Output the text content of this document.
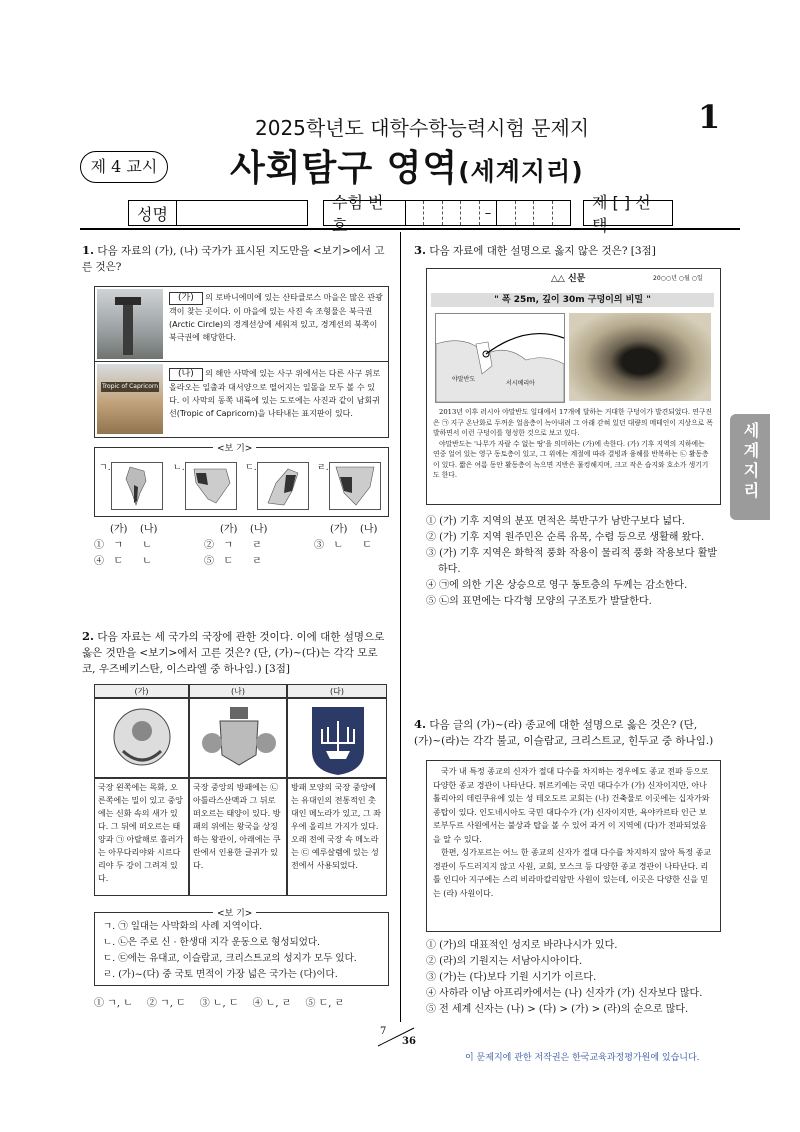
2025학년도 대학수학능력시험 문제지	1
제 4 교시 사회탐구 영역(세계지리)
성명
수험 번호
–
제 [ ] 선택
세계지리
1. 다음 자료의 (가), (나) 국가가 표시된 지도만을 <보기>에서 고른 것은?
(가) 의 로바니에미에 있는 산타클로스 마을은 많은 관광객이 찾는 곳이다. 이 마을에 있는 사진 속 조형물은 북극권(Arctic Circle)의 경계선상에 세워져 있고, 경계선의 북쪽이 북극권에 해당한다.
Tropic of Capricorn
(나) 의 해안 사막에 있는 사구 위에서는 다른 사구 위로 올라오는 일출과 대서양으로 떨어지는 일몰을 모두 볼 수 있다. 이 사막의 동쪽 내륙에 있는 도로에는 사진과 같이 남회귀선(Tropic of Capricorn)을 나타내는 표지판이 있다.
<보 기>
ㄱ.	ㄴ.	ㄷ.	ㄹ.
(가) (나)	(가) (나)	(가) (나)
① ㄱ ㄴ	② ㄱ ㄹ	③ ㄴ ㄷ
④ ㄷ ㄴ	⑤ ㄷ ㄹ
2. 다음 자료는 세 국가의 국장에 관한 것이다. 이에 대한 설명으로 옳은 것만을 <보기>에서 고른 것은? (단, (가)~(다)는 각각 모로코, 우즈베키스탄, 이스라엘 중 하나임.) [3점]
(가)	(나)	(다)
국장 왼쪽에는 목화, 오른쪽에는 밀이 있고 중앙에는 신화 속의 새가 있다. 그 뒤에 떠오르는 태양과 ㉠ 아랄해로 흘러가는 아무다리야와 시르다리야 두 강이 그려져 있다.
국장 중앙의 방패에는 ㉡ 아틀라스산맥과 그 뒤로 떠오르는 태양이 있다. 방패의 위에는 왕국을 상징하는 왕관이, 아래에는 쿠란에서 인용한 글귀가 있다.
방패 모양의 국장 중앙에는 유대인의 전통적인 촛대인 메노라가 있고, 그 좌우에 올리브 가지가 있다. 오래 전에 국장 속 메노라는 ㉢ 예루살렘에 있는 성전에서 사용되었다.
<보 기>
ㄱ. ㉠ 일대는 사막화의 사례 지역이다.
ㄴ. ㉡은 주로 신 · 한생대 지각 운동으로 형성되었다.
ㄷ. ㉢에는 유대교, 이슬람교, 크리스트교의 성지가 모두 있다.
ㄹ. (가)~(다) 중 국토 면적이 가장 넓은 국가는 (다)이다.
① ㄱ, ㄴ ② ㄱ, ㄷ ③ ㄴ, ㄷ ④ ㄴ, ㄹ ⑤ ㄷ, ㄹ
3. 다음 자료에 대한 설명으로 옳지 않은 것은? [3점]
△△ 신문	20○○년 ○월 ○일
" 폭 25m, 깊이 30m 구덩이의 비밀 "
야말반도
서시베리아
2013년 이후 러시아 야말반도 일대에서 17개에 달하는 거대한 구덩이가 발견되었다. 연구진은 ㉠ 지구 온난화로 두꺼운 얼음층이 녹아내려 그 아래 갇혀 있던 대량의 메테인이 지상으로 폭발하면서 이런 구덩이를 형성한 것으로 보고 있다.
야말반도는 '나무가 자랄 수 없는 땅'을 의미하는 (가)에 속한다. (가) 기후 지역의 지하에는 연중 얼어 있는 영구 동토층이 있고, 그 위에는 계절에 따라 결빙과 융해를 반복하는 ㉡ 활동층이 있다. 짧은 여름 동안 활동층이 녹으면 지반은 물컹해지며, 크고 작은 습지와 호소가 생기기도 한다.
① (가) 기후 지역의 분포 면적은 북반구가 남반구보다 넓다.
② (가) 기후 지역 원주민은 순록 유목, 수렵 등으로 생활해 왔다.
③ (가) 기후 지역은 화학적 풍화 작용이 물리적 풍화 작용보다 활발하다.
④ ㉠에 의한 기온 상승으로 영구 동토층의 두께는 감소한다.
⑤ ㉡의 표면에는 다각형 모양의 구조토가 발달한다.
4. 다음 글의 (가)~(라) 종교에 대한 설명으로 옳은 것은? (단, (가)~(라)는 각각 불교, 이슬람교, 크리스트교, 힌두교 중 하나임.)
국가 내 특정 종교의 신자가 절대 다수를 차지하는 경우에도 종교 전파 등으로 다양한 종교 경관이 나타난다. 튀르키예는 국민 대다수가 (가) 신자이지만, 아나톨리아의 데린쿠유에 있는 성 테오도르 교회는 (나) 건축물로 이곳에는 십자가와 종탑이 있다. 인도네시아도 국민 대다수가 (가) 신자이지만, 욕야카르타 인근 보로부두르 사원에서는 불상과 탑을 볼 수 있어 과거 이 지역에 (다)가 전파되었음을 알 수 있다.
한편, 싱가포르는 어느 한 종교의 신자가 절대 다수를 차지하지 않아 특정 종교 경관이 두드러지지 않고 사원, 교회, 모스크 등 다양한 종교 경관이 나타난다. 리틀 인디아 지구에는 스리 비라마칼리암만 사원이 있는데, 이곳은 다양한 신을 믿는 (라) 사원이다.
① (가)의 대표적인 성지로 바라나시가 있다.
② (라)의 기원지는 서남아시아이다.
③ (가)는 (다)보다 기원 시기가 이르다.
④ 사하라 이남 아프리카에서는 (나) 신자가 (가) 신자보다 많다.
⑤ 전 세계 신자는 (나) > (다) > (가) > (라)의 순으로 많다.
7
36
이 문제지에 관한 저작권은 한국교육과정평가원에 있습니다.
